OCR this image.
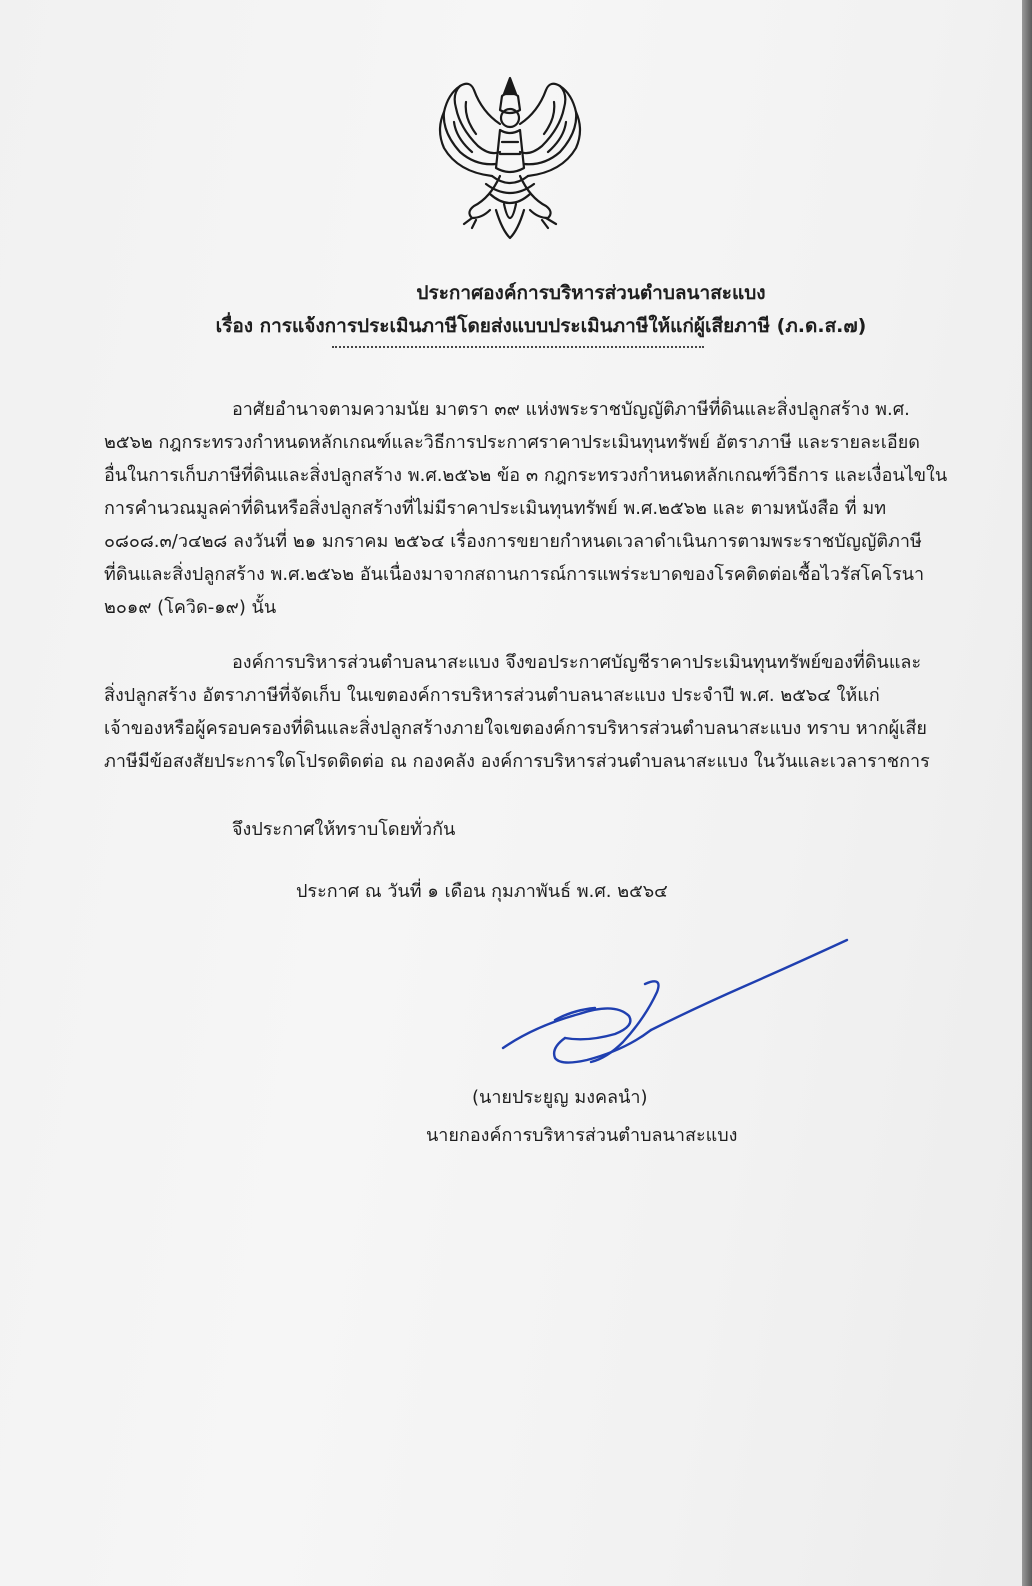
ประกาศองค์การบริหารส่วนตำบลนาสะแบง
เรื่อง การแจ้งการประเมินภาษีโดยส่งแบบประเมินภาษีให้แก่ผู้เสียภาษี (ภ.ด.ส.๗)
อาศัยอำนาจตามความนัย มาตรา ๓๙ แห่งพระราชบัญญัติภาษีที่ดินและสิ่งปลูกสร้าง พ.ศ.
๒๕๖๒ กฎกระทรวงกำหนดหลักเกณฑ์และวิธีการประกาศราคาประเมินทุนทรัพย์ อัตราภาษี และรายละเอียด
อื่นในการเก็บภาษีที่ดินและสิ่งปลูกสร้าง พ.ศ.๒๕๖๒ ข้อ ๓ กฎกระทรวงกำหนดหลักเกณฑ์วิธีการ และเงื่อนไขใน
การคำนวณมูลค่าที่ดินหรือสิ่งปลูกสร้างที่ไม่มีราคาประเมินทุนทรัพย์ พ.ศ.๒๕๖๒ และ ตามหนังสือ ที่ มท
๐๘๐๘.๓/ว๔๒๘ ลงวันที่ ๒๑ มกราคม ๒๕๖๔ เรื่องการขยายกำหนดเวลาดำเนินการตามพระราชบัญญัติภาษี
ที่ดินและสิ่งปลูกสร้าง พ.ศ.๒๕๖๒ อันเนื่องมาจากสถานการณ์การแพร่ระบาดของโรคติดต่อเชื้อไวรัสโคโรนา
๒๐๑๙ (โควิด-๑๙) นั้น
องค์การบริหารส่วนตำบลนาสะแบง จึงขอประกาศบัญชีราคาประเมินทุนทรัพย์ของที่ดินและ
สิ่งปลูกสร้าง อัตราภาษีที่จัดเก็บ ในเขตองค์การบริหารส่วนตำบลนาสะแบง ประจำปี พ.ศ. ๒๕๖๔ ให้แก่
เจ้าของหรือผู้ครอบครองที่ดินและสิ่งปลูกสร้างภายใจเขตองค์การบริหารส่วนตำบลนาสะแบง ทราบ หากผู้เสีย
ภาษีมีข้อสงสัยประการใดโปรดติดต่อ ณ กองคลัง องค์การบริหารส่วนตำบลนาสะแบง ในวันและเวลาราชการ
จึงประกาศให้ทราบโดยทั่วกัน
ประกาศ ณ วันที่ ๑ เดือน กุมภาพันธ์ พ.ศ. ๒๕๖๔
(นายประยูญ มงคลนำ)
นายกองค์การบริหารส่วนตำบลนาสะแบง
